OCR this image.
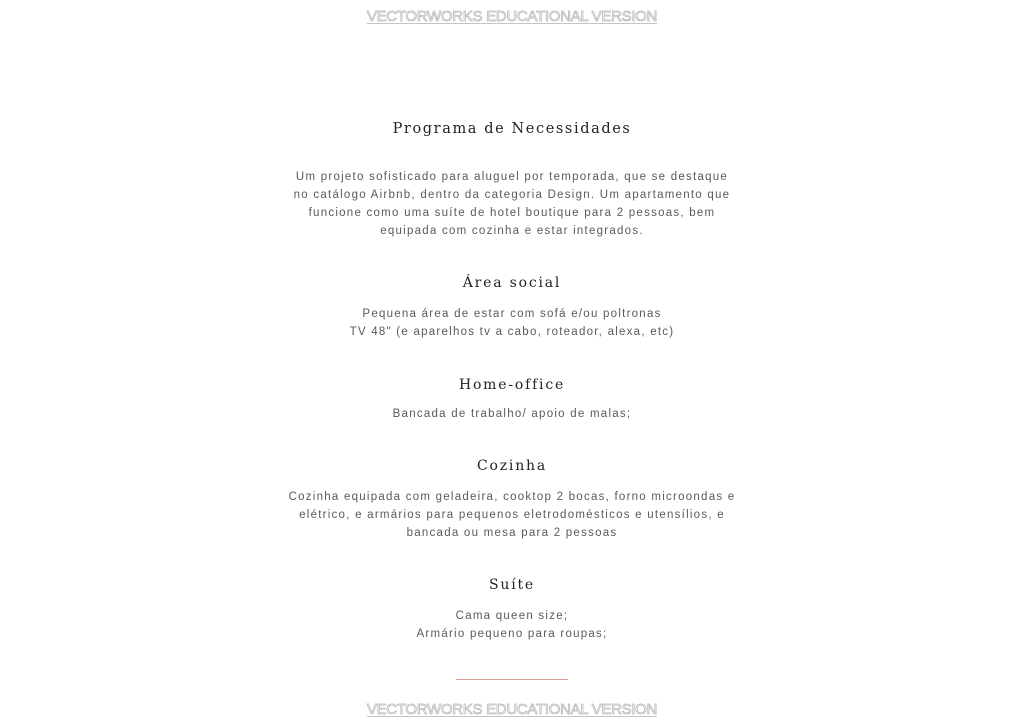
VECTORWORKS EDUCATIONAL VERSION
Programa de Necessidades
Um projeto sofisticado para aluguel por temporada, que se destaque
no catálogo Airbnb, dentro da categoria Design. Um apartamento que
funcione como uma suíte de hotel boutique para 2 pessoas, bem
equipada com cozinha e estar integrados.
Área social
Pequena área de estar com sofá e/ou poltronas
TV 48" (e aparelhos tv a cabo, roteador, alexa, etc)
Home-office
Bancada de trabalho/ apoio de malas;
Cozinha
Cozinha equipada com geladeira, cooktop 2 bocas, forno microondas e
elétrico, e armários para pequenos eletrodomésticos e utensílios, e
bancada ou mesa para 2 pessoas
Suíte
Cama queen size;
Armário pequeno para roupas;
VECTORWORKS EDUCATIONAL VERSION
